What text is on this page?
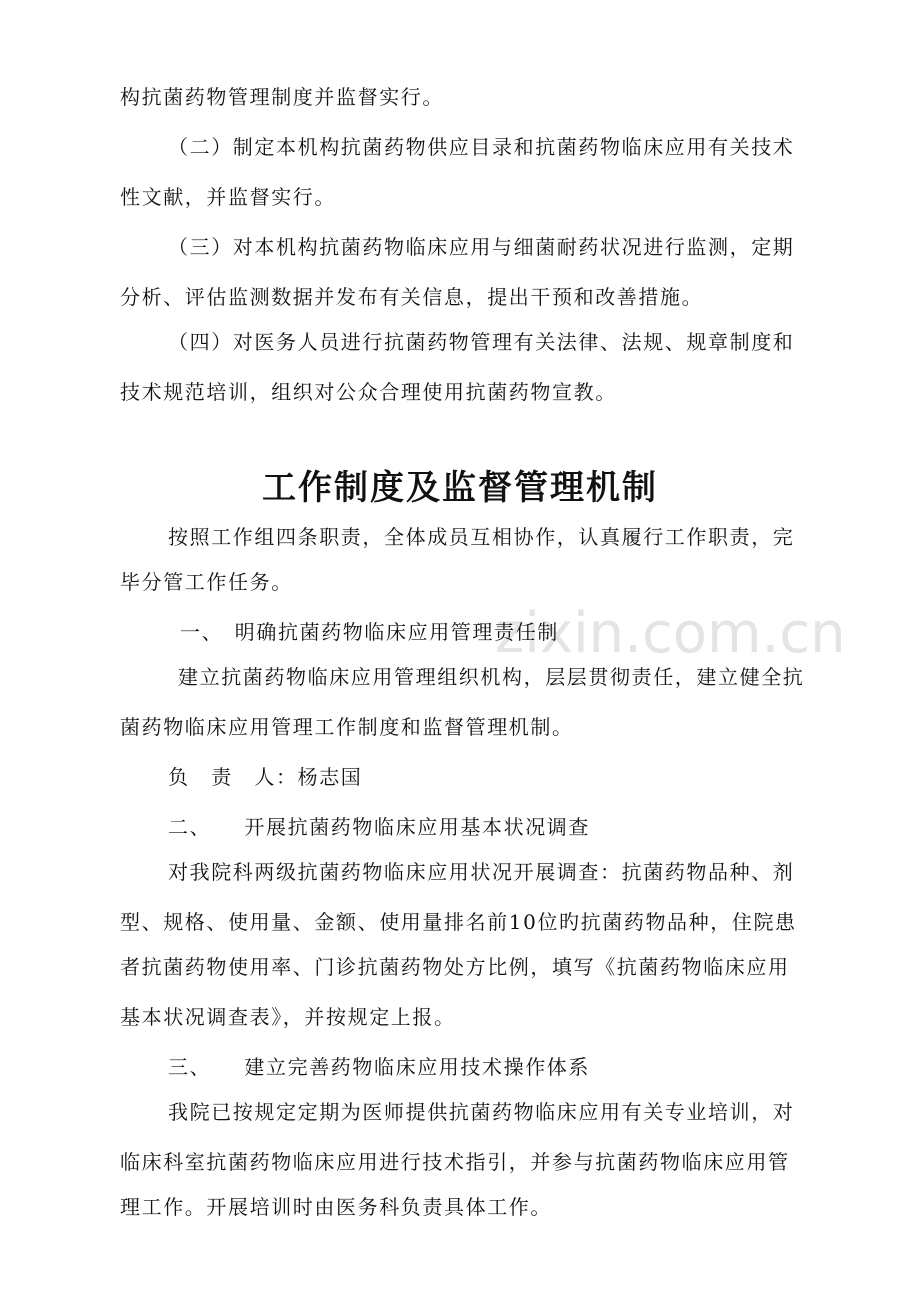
zixin.com.cn
构抗菌药物管理制度并监督实行。
（二）制定本机构抗菌药物供应目录和抗菌药物临床应用有关技术
性文献，并监督实行。
（三）对本机构抗菌药物临床应用与细菌耐药状况进行监测，定期
分析、评估监测数据并发布有关信息，提出干预和改善措施。
（四）对医务人员进行抗菌药物管理有关法律、法规、规章制度和
技术规范培训，组织对公众合理使用抗菌药物宣教。
工作制度及监督管理机制
按照工作组四条职责，全体成员互相协作，认真履行工作职责，完
毕分管工作任务。
一、　明确抗菌药物临床应用管理责任制
建立抗菌药物临床应用管理组织机构，层层贯彻责任，建立健全抗
菌药物临床应用管理工作制度和监督管理机制。
负　责　人：杨志国
二、　　开展抗菌药物临床应用基本状况调查
对我院科两级抗菌药物临床应用状况开展调查：抗菌药物品种、剂
型、规格、使用量、金额、使用量排名前10位旳抗菌药物品种，住院患
者抗菌药物使用率、门诊抗菌药物处方比例，填写《抗菌药物临床应用
基本状况调查表》，并按规定上报。
三、　　建立完善药物临床应用技术操作体系
我院已按规定定期为医师提供抗菌药物临床应用有关专业培训，对
临床科室抗菌药物临床应用进行技术指引，并参与抗菌药物临床应用管
理工作。开展培训时由医务科负责具体工作。
